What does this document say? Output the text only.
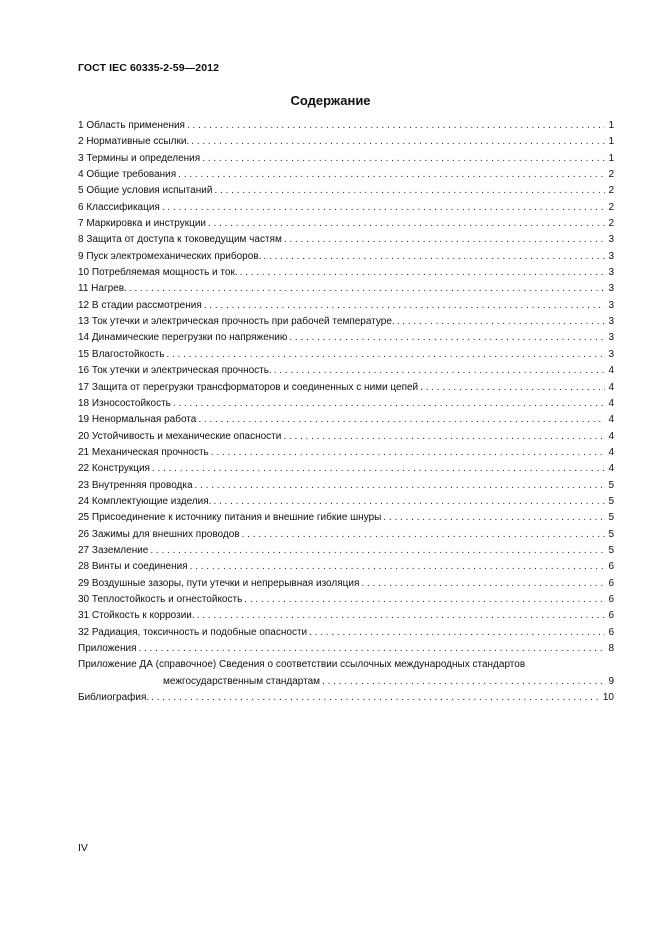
ГОСТ IEC 60335-2-59—2012
Содержание
1 Область применения . . .	1
2 Нормативные ссылки. . . .	1
3 Термины и определения . . .	1
4 Общие требования . . .	2
5 Общие условия испытаний . . .	2
6 Классификация . . .	2
7 Маркировка и инструкции . . .	2
8 Защита от доступа к токоведущим частям . . .	3
9 Пуск электромеханических приборов. . . .	3
10 Потребляемая мощность и ток. . . .	3
11 Нагрев. . . .	3
12 В стадии рассмотрения . . .	3
13 Ток утечки и электрическая прочность при рабочей температуре. . . .	3
14 Динамические перегрузки по напряжению . . .	3
15 Влагостойкость . . .	3
16 Ток утечки и электрическая прочность. . . .	4
17 Защита от перегрузки трансформаторов и соединенных с ними цепей . . .	4
18 Износостойкость . . .	4
19 Ненормальная работа . . .	4
20 Устойчивость и механические опасности . . .	4
21 Механическая прочность . . .	4
22 Конструкция . . .	4
23 Внутренняя проводка . . .	5
24 Комплектующие изделия. . . .	5
25 Присоединение к источнику питания и внешние гибкие шнуры . . .	5
26 Зажимы для внешних проводов . . .	5
27 Заземление . . .	5
28 Винты и соединения . . .	6
29 Воздушные зазоры, пути утечки и непрерывная изоляция . . .	6
30 Теплостойкость и огнестойкость . . .	6
31 Стойкость к коррозии. . . .	6
32 Радиация, токсичность и подобные опасности . . .	6
Приложения . . .	8
Приложение ДА (справочное) Сведения о соответствии ссылочных международных стандартов
межгосударственным стандартам . . .	9
Библиография. . . .	10
IV
